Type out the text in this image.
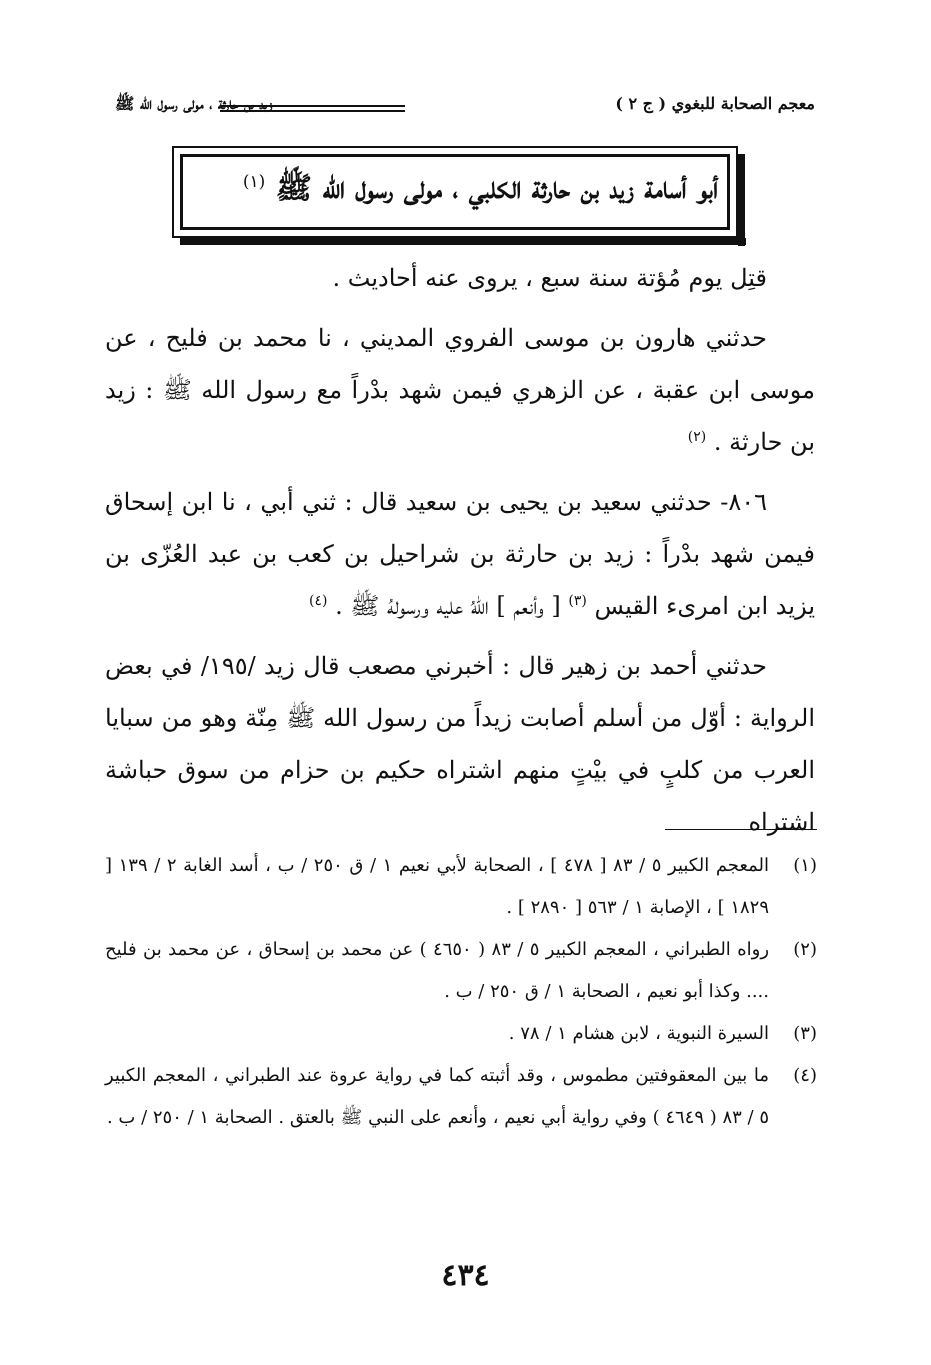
معجم الصحابة للبغوي ( ج ٢ )
زيد بن حارثة ، مولى رسول الله ﷺ
أبو أسامة زيد بن حارثة الكلبي ، مولى رسول الله ﷺ $^{(١)}$

قتِل يوم مُؤتة سنة سبع ، يروى عنه أحاديث .

حدثني هارون بن موسى الفروي المديني ، نا محمد بن فليح ، عن موسى ابن عقبة ، عن الزهري فيمن شهد بدْراً مع رسول الله ﷺ : زيد بن حارثة . $^{(٢)}$

٨٠٦- حدثني سعيد بن يحيى بن سعيد قال : ثني أبي ، نا ابن إسحاق فيمن شهد بدْراً : زيد بن حارثة بن شراحيل بن كعب بن عبد العُزّى بن يزيد ابن امرىء القيس $^{(٣)}$ [ وأنعم ] اللهُ عليه ورسولهُ ﷺ . $^{(٤)}$

حدثني أحمد بن زهير قال : أخبرني مصعب قال زيد /١٩٥/ في بعض الرواية : أوّل من أسلم أصابت زيداً من رسول الله ﷺ مِنّة وهو من سبايا العرب من كلبٍ في بيْتٍ منهم اشتراه حكيم بن حزام من سوق حباشة اشتراه

(١)
المعجم الكبير ٥ / ٨٣ [ ٤٧٨ ] ، الصحابة لأبي نعيم ١ / ق ٢٥٠ / ب ، أسد الغابة ٢ / ١٣٩ [ ١٨٢٩ ] ، الإصابة ١ / ٥٦٣ [ ٢٨٩٠ ] .
(٢)
رواه الطبراني ، المعجم الكبير ٥ / ٨٣ ( ٤٦٥٠ ) عن محمد بن إسحاق ، عن محمد بن فليح .... وكذا أبو نعيم ، الصحابة ١ / ق ٢٥٠ / ب .
(٣)
السيرة النبوية ، لابن هشام ١ / ٧٨ .
(٤)
ما بين المعقوفتين مطموس ، وقد أثبته كما في رواية عروة عند الطبراني ، المعجم الكبير ٥ / ٨٣ ( ٤٦٤٩ ) وفي رواية أبي نعيم ، وأنعم على النبي ﷺ بالعتق . الصحابة ١ / ٢٥٠ / ب .
٤٣٤
